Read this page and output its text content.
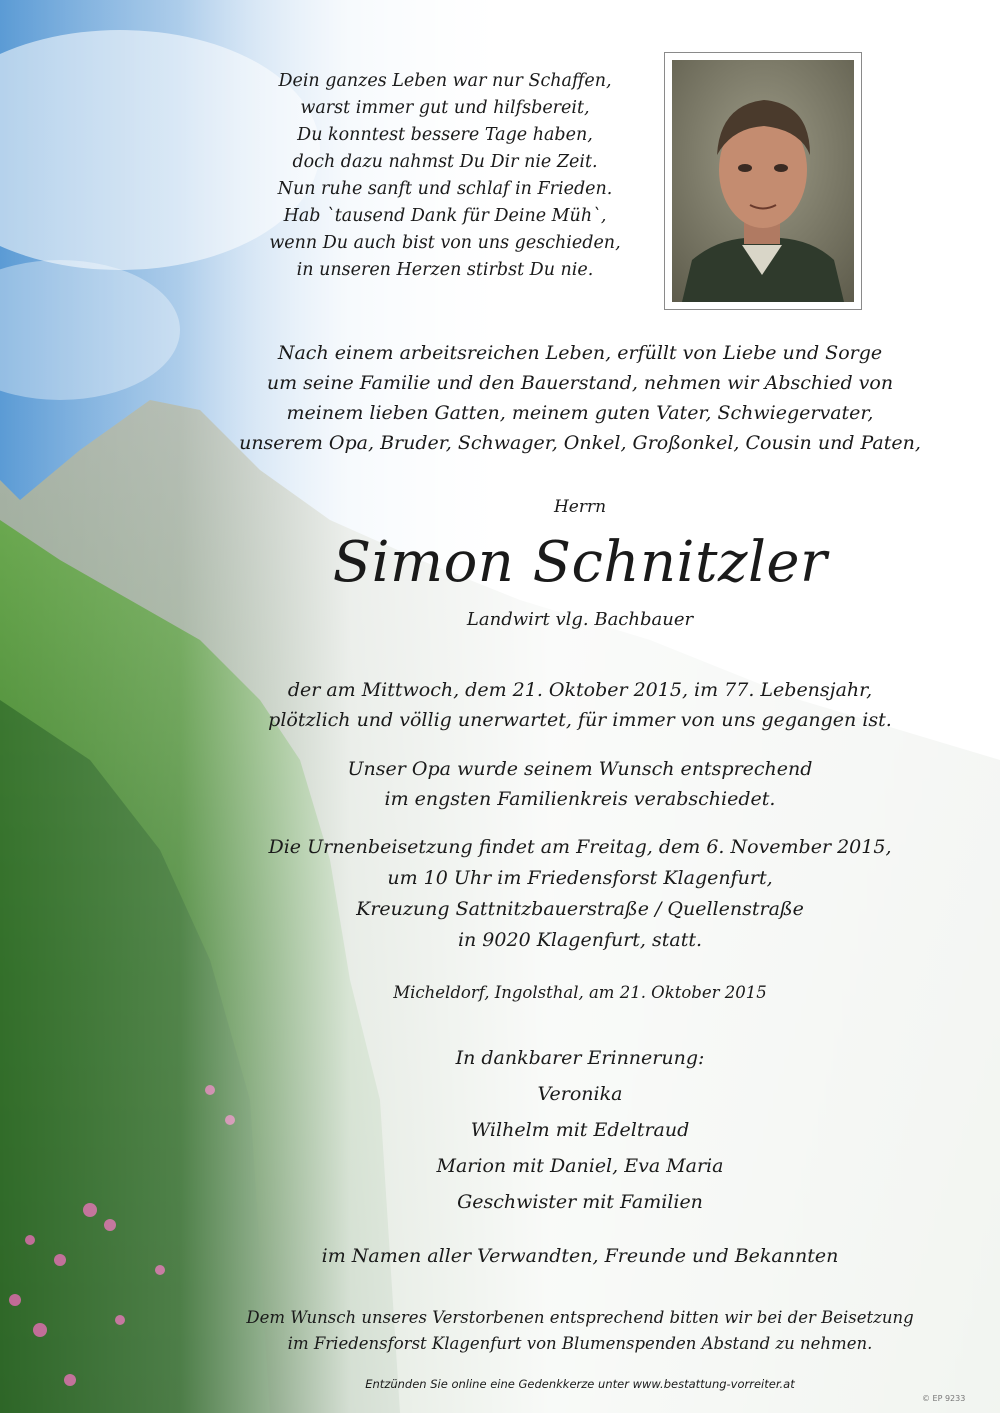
Dein ganzes Leben war nur Schaffen,
warst immer gut und hilfsbereit,
Du konntest bessere Tage haben,
doch dazu nahmst Du Dir nie Zeit.
Nun ruhe sanft und schlaf in Frieden.
Hab `tausend Dank für Deine Müh`,
wenn Du auch bist von uns geschieden,
in unseren Herzen stirbst Du nie.
Nach einem arbeitsreichen Leben, erfüllt von Liebe und Sorge
um seine Familie und den Bauerstand, nehmen wir Abschied von
meinem lieben Gatten, meinem guten Vater, Schwiegervater,
unserem Opa, Bruder, Schwager, Onkel, Großonkel, Cousin und Paten,
Herrn
Simon Schnitzler
Landwirt vlg. Bachbauer
der am Mittwoch, dem 21. Oktober 2015, im 77. Lebensjahr,
plötzlich und völlig unerwartet, für immer von uns gegangen ist.
Unser Opa wurde seinem Wunsch entsprechend
im engsten Familienkreis verabschiedet.
Die Urnenbeisetzung findet am Freitag, dem 6. November 2015,
um 10 Uhr im Friedensforst Klagenfurt,
Kreuzung Sattnitzbauerstraße / Quellenstraße
in 9020 Klagenfurt, statt.
Micheldorf, Ingolsthal, am 21. Oktober 2015
In dankbarer Erinnerung:
Veronika
Wilhelm mit Edeltraud
Marion mit Daniel, Eva Maria
Geschwister mit Familien
im Namen aller Verwandten, Freunde und Bekannten
Dem Wunsch unseres Verstorbenen entsprechend bitten wir bei der Beisetzung
im Friedensforst Klagenfurt von Blumenspenden Abstand zu nehmen.
Entzünden Sie online eine Gedenkkerze unter www.bestattung-vorreiter.at
© EP 9233
